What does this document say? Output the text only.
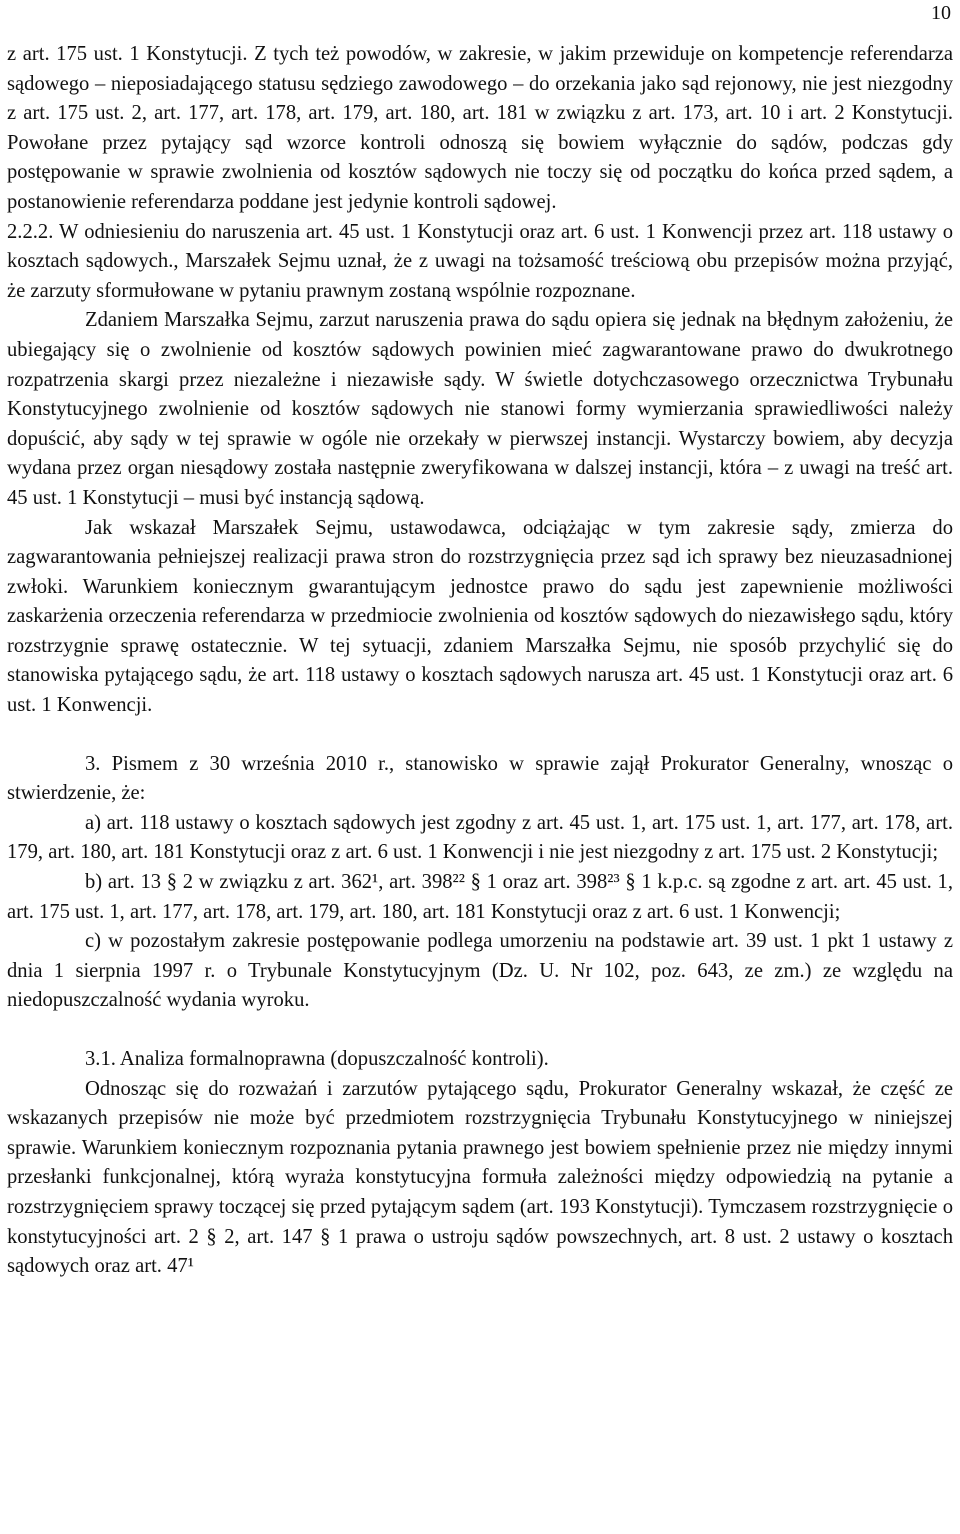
10

z art. 175 ust. 1 Konstytucji. Z tych też powodów, w zakresie, w jakim przewiduje on kompetencje referendarza sądowego – nieposiadającego statusu sędziego zawodowego – do orzekania jako sąd rejonowy, nie jest niezgodny z art. 175 ust. 2, art. 177, art. 178, art. 179, art. 180, art. 181 w związku z art. 173, art. 10 i art. 2 Konstytucji. Powołane przez pytający sąd wzorce kontroli odnoszą się bowiem wyłącznie do sądów, podczas gdy postępowanie w sprawie zwolnienia od kosztów sądowych nie toczy się od początku do końca przed sądem, a postanowienie referendarza poddane jest jedynie kontroli sądowej.

2.2.2. W odniesieniu do naruszenia art. 45 ust. 1 Konstytucji oraz art. 6 ust. 1 Konwencji przez art. 118 ustawy o kosztach sądowych., Marszałek Sejmu uznał, że z uwagi na tożsamość treściową obu przepisów można przyjąć, że zarzuty sformułowane w pytaniu prawnym zostaną wspólnie rozpoznane.

Zdaniem Marszałka Sejmu, zarzut naruszenia prawa do sądu opiera się jednak na błędnym założeniu, że ubiegający się o zwolnienie od kosztów sądowych powinien mieć zagwarantowane prawo do dwukrotnego rozpatrzenia skargi przez niezależne i niezawisłe sądy. W świetle dotychczasowego orzecznictwa Trybunału Konstytucyjnego zwolnienie od kosztów sądowych nie stanowi formy wymierzania sprawiedliwości należy dopuścić, aby sądy w tej sprawie w ogóle nie orzekały w pierwszej instancji. Wystarczy bowiem, aby decyzja wydana przez organ niesądowy została następnie zweryfikowana w dalszej instancji, która – z uwagi na treść art. 45 ust. 1 Konstytucji – musi być instancją sądową.

Jak wskazał Marszałek Sejmu, ustawodawca, odciążając w tym zakresie sądy, zmierza do zagwarantowania pełniejszej realizacji prawa stron do rozstrzygnięcia przez sąd ich sprawy bez nieuzasadnionej zwłoki. Warunkiem koniecznym gwarantującym jednostce prawo do sądu jest zapewnienie możliwości zaskarżenia orzeczenia referendarza w przedmiocie zwolnienia od kosztów sądowych do niezawisłego sądu, który rozstrzygnie sprawę ostatecznie. W tej sytuacji, zdaniem Marszałka Sejmu, nie sposób przychylić się do stanowiska pytającego sądu, że art. 118 ustawy o kosztach sądowych narusza art. 45 ust. 1 Konstytucji oraz art. 6 ust. 1 Konwencji.

3. Pismem z 30 września 2010 r., stanowisko w sprawie zajął Prokurator Generalny, wnosząc o stwierdzenie, że:

a) art. 118 ustawy o kosztach sądowych jest zgodny z art. 45 ust. 1, art. 175 ust. 1, art. 177, art. 178, art. 179, art. 180, art. 181 Konstytucji oraz z art. 6 ust. 1 Konwencji i nie jest niezgodny z art. 175 ust. 2 Konstytucji;

b) art. 13 § 2 w związku z art. 362¹, art. 398²² § 1 oraz art. 398²³ § 1 k.p.c. są zgodne z art. art. 45 ust. 1, art. 175 ust. 1, art. 177, art. 178, art. 179, art. 180, art. 181 Konstytucji oraz z art. 6 ust. 1 Konwencji;

c) w pozostałym zakresie postępowanie podlega umorzeniu na podstawie art. 39 ust. 1 pkt 1 ustawy z dnia 1 sierpnia 1997 r. o Trybunale Konstytucyjnym (Dz. U. Nr 102, poz. 643, ze zm.) ze względu na niedopuszczalność wydania wyroku.

3.1. Analiza formalnoprawna (dopuszczalność kontroli).

Odnosząc się do rozważań i zarzutów pytającego sądu, Prokurator Generalny wskazał, że część ze wskazanych przepisów nie może być przedmiotem rozstrzygnięcia Trybunału Konstytucyjnego w niniejszej sprawie. Warunkiem koniecznym rozpoznania pytania prawnego jest bowiem spełnienie przez nie między innymi przesłanki funkcjonalnej, którą wyraża konstytucyjna formuła zależności między odpowiedzią na pytanie a rozstrzygnięciem sprawy toczącej się przed pytającym sądem (art. 193 Konstytucji). Tymczasem rozstrzygnięcie o konstytucyjności art. 2 § 2, art. 147 § 1 prawa o ustroju sądów powszechnych, art. 8 ust. 2 ustawy o kosztach sądowych oraz art. 47¹
